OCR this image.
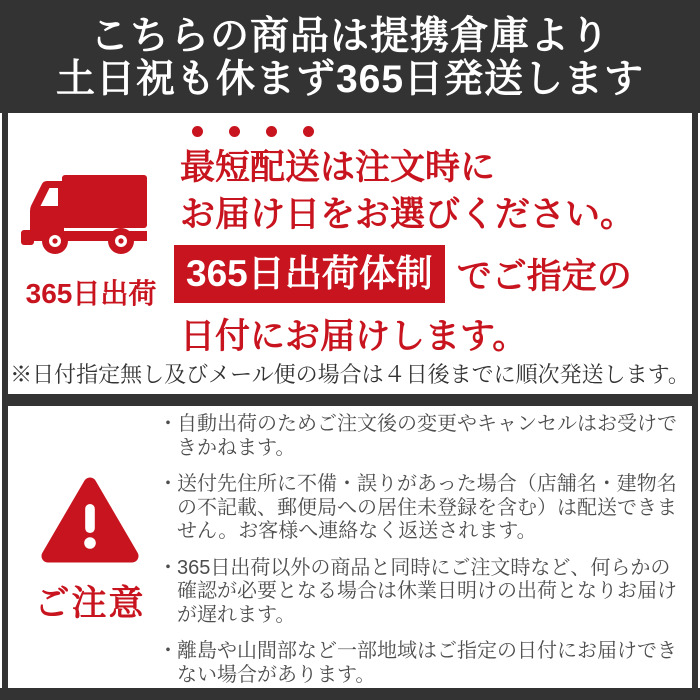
こちらの商品は提携倉庫より
土日祝も休まず365日発送します
365日出荷
最短配送は注文時に
お届け日をお選びください。
365日出荷体制 でご指定の
日付にお届けします。
※日付指定無し及びメール便の場合は４日後までに順次発送します。
ご注意
・ 自動出荷のためご注文後の変更やキャンセルはお受けで
きかねます。
・ 送付先住所に不備・誤りがあった場合（店舗名・建物名
の不記載、郵便局への居住未登録を含む）は配送できま
せん。お客様へ連絡なく返送されます。
・ 365日出荷以外の商品と同時にご注文時など、何らかの
確認が必要となる場合は休業日明けの出荷となりお届け
が遅れます。
・ 離島や山間部など一部地域はご指定の日付にお届けでき
ない場合があります。
